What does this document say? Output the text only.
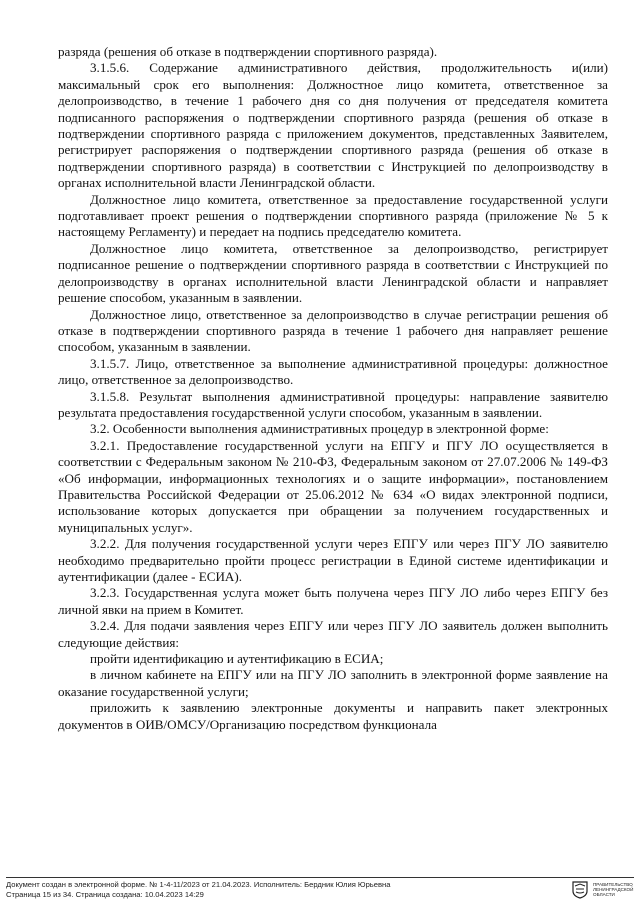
разряда (решения об отказе в подтверждении спортивного разряда).

3.1.5.6. Содержание административного действия, продолжительность и(или) максимальный срок его выполнения: Должностное лицо комитета, ответственное за делопроизводство, в течение 1 рабочего дня со дня получения от председателя комитета подписанного распоряжения о подтверждении спортивного разряда (решения об отказе в подтверждении спортивного разряда с приложением документов, представленных Заявителем, регистрирует распоряжения о подтверждении спортивного разряда (решения об отказе в подтверждении спортивного разряда) в соответствии с Инструкцией по делопроизводству в органах исполнительной власти Ленинградской области.

Должностное лицо комитета, ответственное за предоставление государственной услуги подготавливает проект решения о подтверждении спортивного разряда (приложение № 5 к настоящему Регламенту) и передает на подпись председателю комитета.

Должностное лицо комитета, ответственное за делопроизводство, регистрирует подписанное решение о подтверждении спортивного разряда в соответствии с Инструкцией по делопроизводству в органах исполнительной власти Ленинградской области и направляет решение способом, указанным в заявлении.

Должностное лицо, ответственное за делопроизводство в случае регистрации решения об отказе в подтверждении спортивного разряда в течение 1 рабочего дня направляет решение способом, указанным в заявлении.

3.1.5.7. Лицо, ответственное за выполнение административной процедуры: должностное лицо, ответственное за делопроизводство.

3.1.5.8. Результат выполнения административной процедуры: направление заявителю результата предоставления государственной услуги способом, указанным в заявлении.

3.2. Особенности выполнения административных процедур в электронной форме:

3.2.1. Предоставление государственной услуги на ЕПГУ и ПГУ ЛО осуществляется в соответствии с Федеральным законом № 210-ФЗ, Федеральным законом от 27.07.2006 № 149-ФЗ «Об информации, информационных технологиях и о защите информации», постановлением Правительства Российской Федерации от 25.06.2012 № 634 «О видах электронной подписи, использование которых допускается при обращении за получением государственных и муниципальных услуг».

3.2.2. Для получения государственной услуги через ЕПГУ или через ПГУ ЛО заявителю необходимо предварительно пройти процесс регистрации в Единой системе идентификации и аутентификации (далее - ЕСИА).

3.2.3. Государственная услуга может быть получена через ПГУ ЛО либо через ЕПГУ без личной явки на прием в Комитет.

3.2.4. Для подачи заявления через ЕПГУ или через ПГУ ЛО заявитель должен выполнить следующие действия:

пройти идентификацию и аутентификацию в ЕСИА;

в личном кабинете на ЕПГУ или на ПГУ ЛО заполнить в электронной форме заявление на оказание государственной услуги;

приложить к заявлению электронные документы и направить пакет электронных документов в ОИВ/ОМСУ/Организацию посредством функционала

Документ создан в электронной форме. № 1-4-11/2023 от 21.04.2023. Исполнитель: Бердник Юлия Юрьевна
Страница 15 из 34. Страница создана: 10.04.2023 14:29
ПРАВИТЕЛЬСТВО ЛЕНИНГРАДСКОЙ ОБЛАСТИ
